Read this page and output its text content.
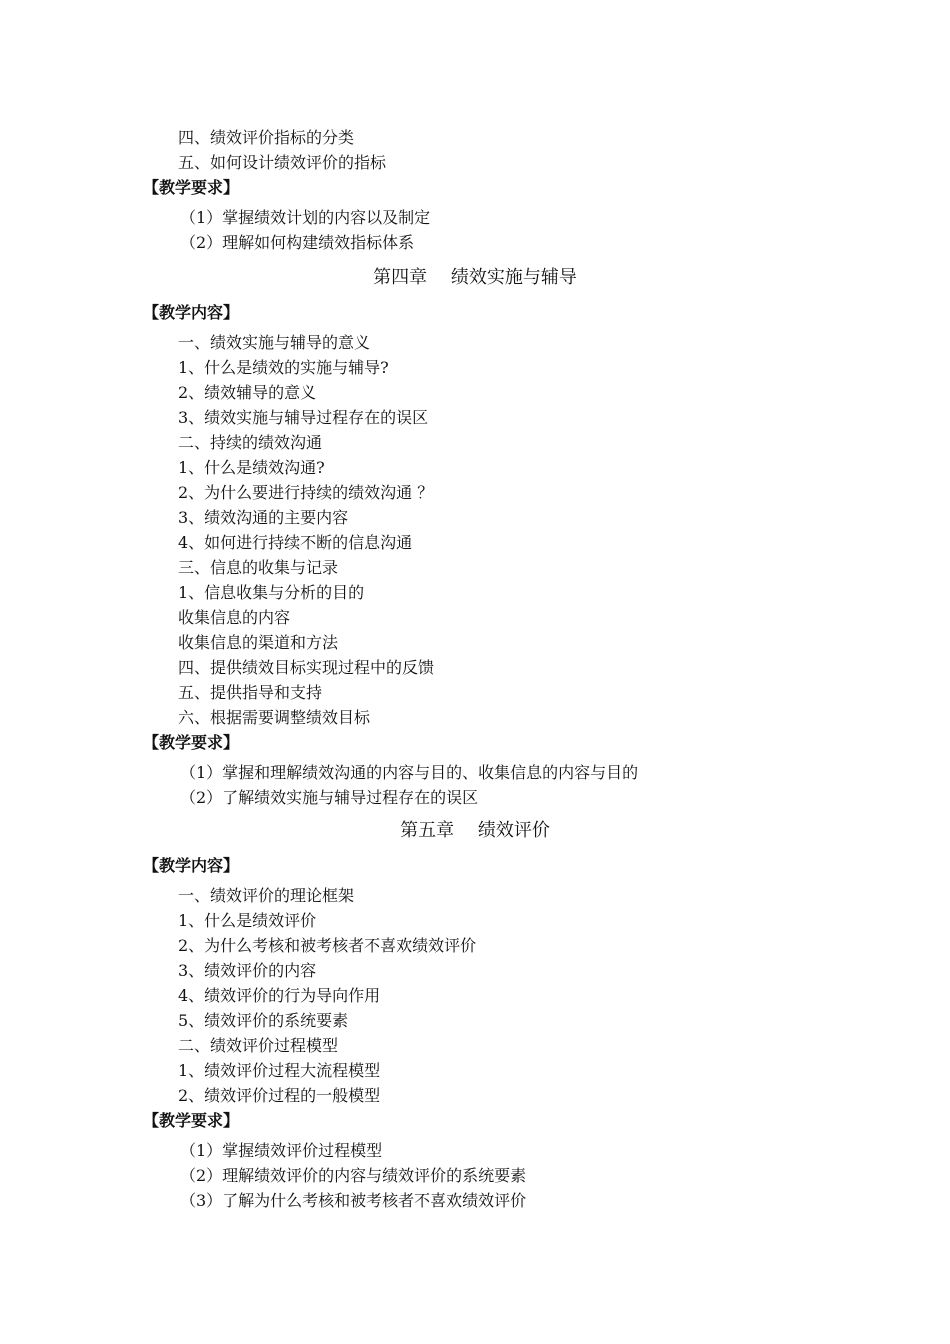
四、绩效评价指标的分类
五、如何设计绩效评价的指标
【教学要求】
（1）掌握绩效计划的内容以及制定
（2）理解如何构建绩效指标体系
第四章　 绩效实施与辅导
【教学内容】
一、绩效实施与辅导的意义
1、什么是绩效的实施与辅导?
2、绩效辅导的意义
3、绩效实施与辅导过程存在的误区
二、持续的绩效沟通
1、什么是绩效沟通?
2、为什么要进行持续的绩效沟通 ？
3、绩效沟通的主要内容
4、如何进行持续不断的信息沟通
三、信息的收集与记录
1、信息收集与分析的目的
收集信息的内容
收集信息的渠道和方法
四、提供绩效目标实现过程中的反馈
五、提供指导和支持
六、根据需要调整绩效目标
【教学要求】
（1）掌握和理解绩效沟通的内容与目的、收集信息的内容与目的
（2）了解绩效实施与辅导过程存在的误区
第五章　 绩效评价
【教学内容】
一、绩效评价的理论框架
1、什么是绩效评价
2、为什么考核和被考核者不喜欢绩效评价
3、绩效评价的内容
4、绩效评价的行为导向作用
5、绩效评价的系统要素
二、绩效评价过程模型
1、绩效评价过程大流程模型
2、绩效评价过程的一般模型
【教学要求】
（1）掌握绩效评价过程模型
（2）理解绩效评价的内容与绩效评价的系统要素
（3）了解为什么考核和被考核者不喜欢绩效评价
